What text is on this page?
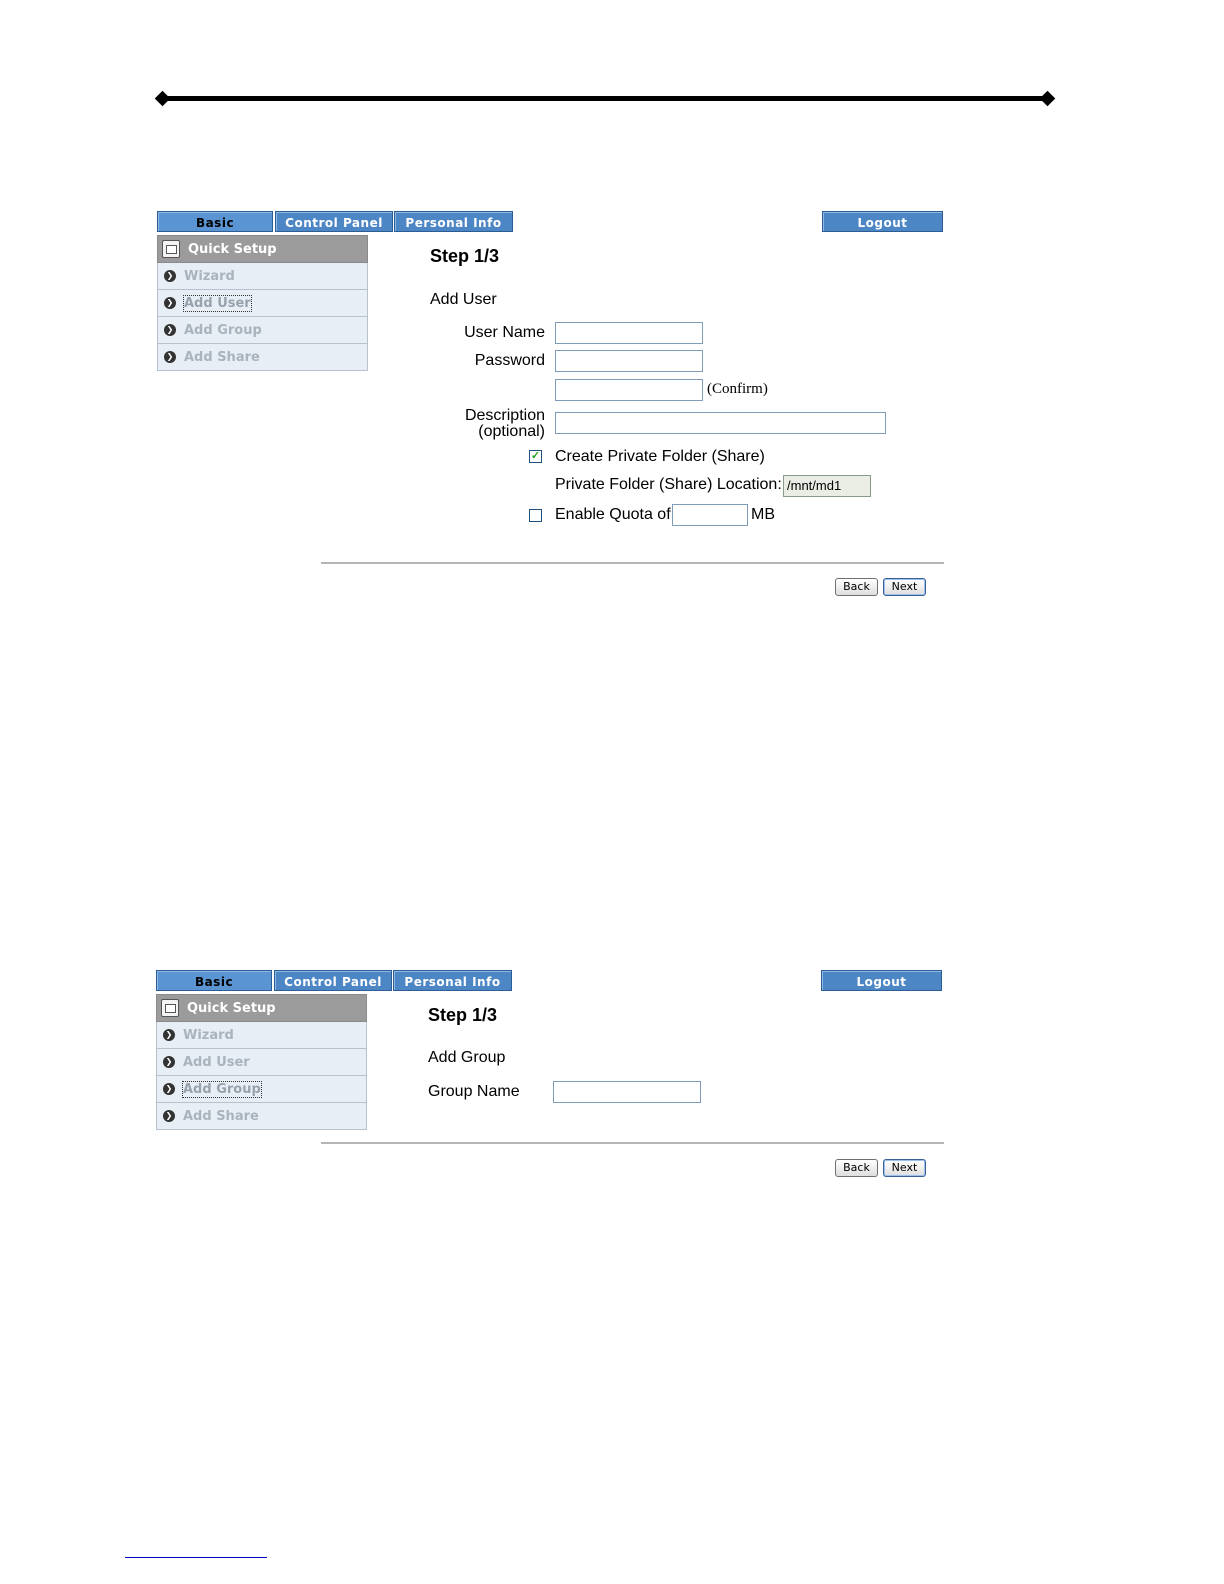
Basic	Control Panel	Personal Info	Logout
Quick Setup
❯ Wizard
❯ Add User
❯ Add Group
❯ Add Share
Step 1/3
Add User
User Name
Password
(Confirm)
Description
(optional)
✓ Create Private Folder (Share)
Private Folder (Share) Location: /mnt/md1
Enable Quota of	MB
Back	Next
Basic	Control Panel	Personal Info	Logout
Quick Setup
❯ Wizard
❯ Add User
❯ Add Group
❯ Add Share
Step 1/3
Add Group
Group Name
Back	Next
